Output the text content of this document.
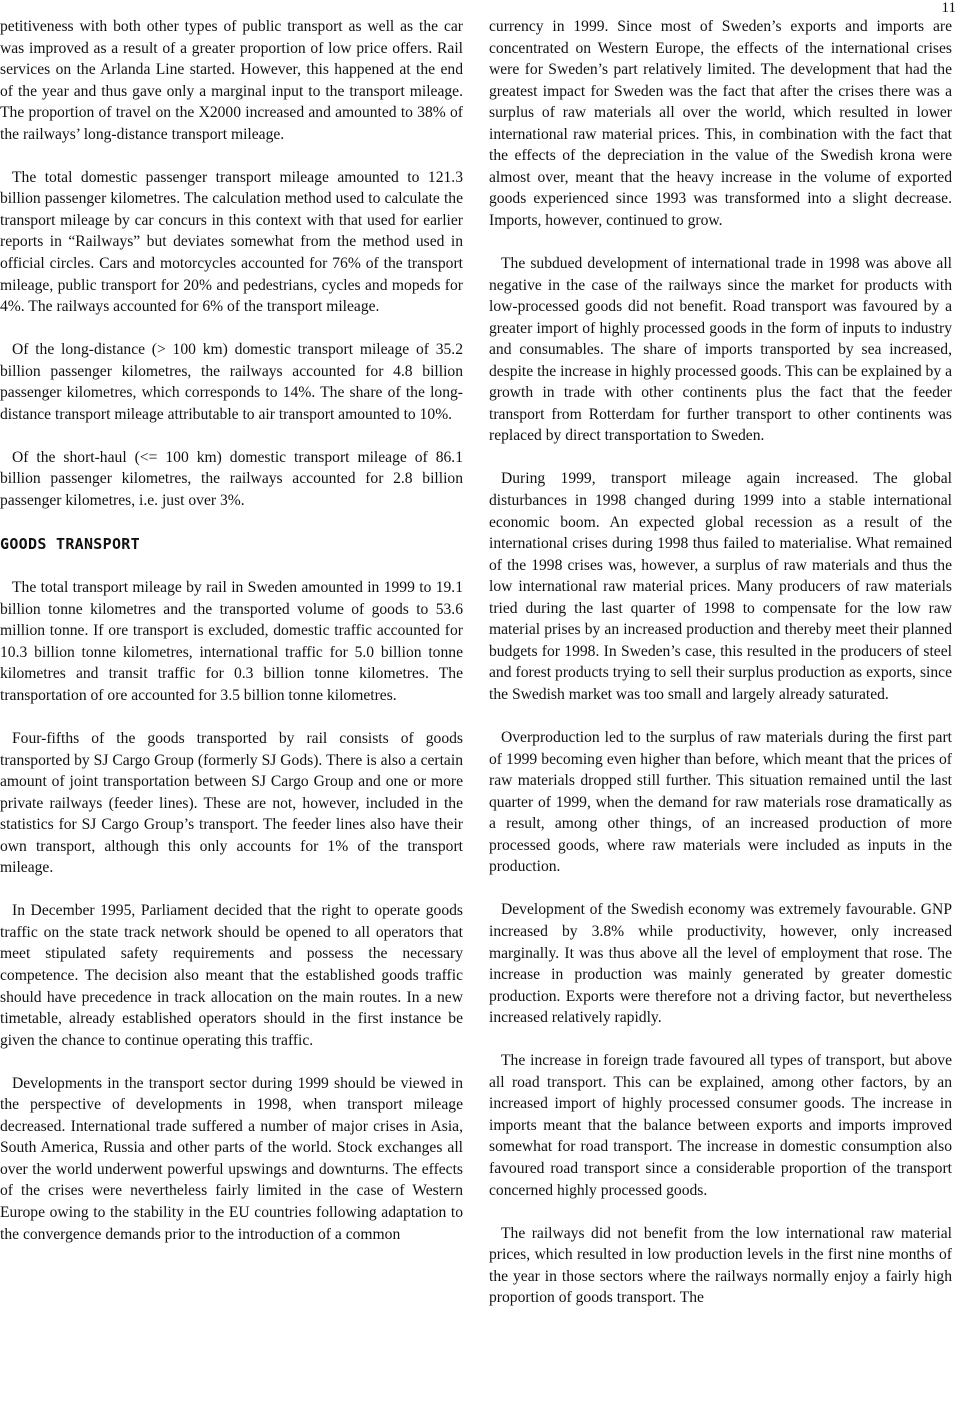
11

petitiveness with both other types of public transport as well as the car was improved as a result of a greater proportion of low price offers. Rail services on the Arlanda Line started. However, this happened at the end of the year and thus gave only a marginal input to the transport mileage. The proportion of travel on the X2000 increased and amounted to 38% of the railways’ long-distance transport mileage.

The total domestic passenger transport mileage amounted to 121.3 billion passenger kilometres. The calculation method used to calculate the transport mileage by car concurs in this context with that used for earlier reports in “Railways” but deviates somewhat from the method used in official circles. Cars and motorcycles accounted for 76% of the transport mileage, public transport for 20% and pedestrians, cycles and mopeds for 4%. The railways accounted for 6% of the transport mileage.

Of the long-distance (> 100 km) domestic transport mileage of 35.2 billion passenger kilometres, the railways accounted for 4.8 billion passenger kilometres, which corresponds to 14%. The share of the long-distance transport mileage attributable to air transport amounted to 10%.

Of the short-haul (<= 100 km) domestic transport mileage of 86.1 billion passenger kilometres, the railways accounted for 2.8 billion passenger kilometres, i.e. just over 3%.

GOODS TRANSPORT

The total transport mileage by rail in Sweden amounted in 1999 to 19.1 billion tonne kilometres and the transported volume of goods to 53.6 million tonne. If ore transport is excluded, domestic traffic accounted for 10.3 billion tonne kilometres, international traffic for 5.0 billion tonne kilometres and transit traffic for 0.3 billion tonne kilometres. The transportation of ore accounted for 3.5 billion tonne kilometres.

Four-fifths of the goods transported by rail consists of goods transported by SJ Cargo Group (formerly SJ Gods). There is also a certain amount of joint transportation between SJ Cargo Group and one or more private railways (feeder lines). These are not, however, included in the statistics for SJ Cargo Group’s transport. The feeder lines also have their own transport, although this only accounts for 1% of the transport mileage.

In December 1995, Parliament decided that the right to operate goods traffic on the state track network should be opened to all operators that meet stipulated safety requirements and possess the necessary competence. The decision also meant that the established goods traffic should have precedence in track allocation on the main routes. In a new timetable, already established operators should in the first instance be given the chance to continue operating this traffic.

Developments in the transport sector during 1999 should be viewed in the perspective of developments in 1998, when transport mileage decreased. International trade suffered a number of major crises in Asia, South America, Russia and other parts of the world. Stock exchanges all over the world underwent powerful upswings and downturns. The effects of the crises were nevertheless fairly limited in the case of Western Europe owing to the stability in the EU countries following adaptation to the convergence demands prior to the introduction of a common

currency in 1999. Since most of Sweden’s exports and imports are concentrated on Western Europe, the effects of the international crises were for Sweden’s part relatively limited. The development that had the greatest impact for Sweden was the fact that after the crises there was a surplus of raw materials all over the world, which resulted in lower international raw material prices. This, in combination with the fact that the effects of the depreciation in the value of the Swedish krona were almost over, meant that the heavy increase in the volume of exported goods experienced since 1993 was transformed into a slight decrease. Imports, however, continued to grow.

The subdued development of international trade in 1998 was above all negative in the case of the railways since the market for products with low-processed goods did not benefit. Road transport was favoured by a greater import of highly processed goods in the form of inputs to industry and consumables. The share of imports transported by sea increased, despite the increase in highly processed goods. This can be explained by a growth in trade with other continents plus the fact that the feeder transport from Rotterdam for further transport to other continents was replaced by direct transportation to Sweden.

During 1999, transport mileage again increased. The global disturbances in 1998 changed during 1999 into a stable international economic boom. An expected global recession as a result of the international crises during 1998 thus failed to materialise. What remained of the 1998 crises was, however, a surplus of raw materials and thus the low international raw material prices. Many producers of raw materials tried during the last quarter of 1998 to compensate for the low raw material prises by an increased production and thereby meet their planned budgets for 1998. In Sweden’s case, this resulted in the producers of steel and forest products trying to sell their surplus production as exports, since the Swedish market was too small and largely already saturated.

Overproduction led to the surplus of raw materials during the first part of 1999 becoming even higher than before, which meant that the prices of raw materials dropped still further. This situation remained until the last quarter of 1999, when the demand for raw materials rose dramatically as a result, among other things, of an increased production of more processed goods, where raw materials were included as inputs in the production.

Development of the Swedish economy was extremely favourable. GNP increased by 3.8% while productivity, however, only increased marginally. It was thus above all the level of employment that rose. The increase in production was mainly generated by greater domestic production. Exports were therefore not a driving factor, but nevertheless increased relatively rapidly.

The increase in foreign trade favoured all types of transport, but above all road transport. This can be explained, among other factors, by an increased import of highly processed consumer goods. The increase in imports meant that the balance between exports and imports improved somewhat for road transport. The increase in domestic consumption also favoured road transport since a considerable proportion of the transport concerned highly processed goods.

The railways did not benefit from the low international raw material prices, which resulted in low production levels in the first nine months of the year in those sectors where the railways normally enjoy a fairly high proportion of goods transport. The
